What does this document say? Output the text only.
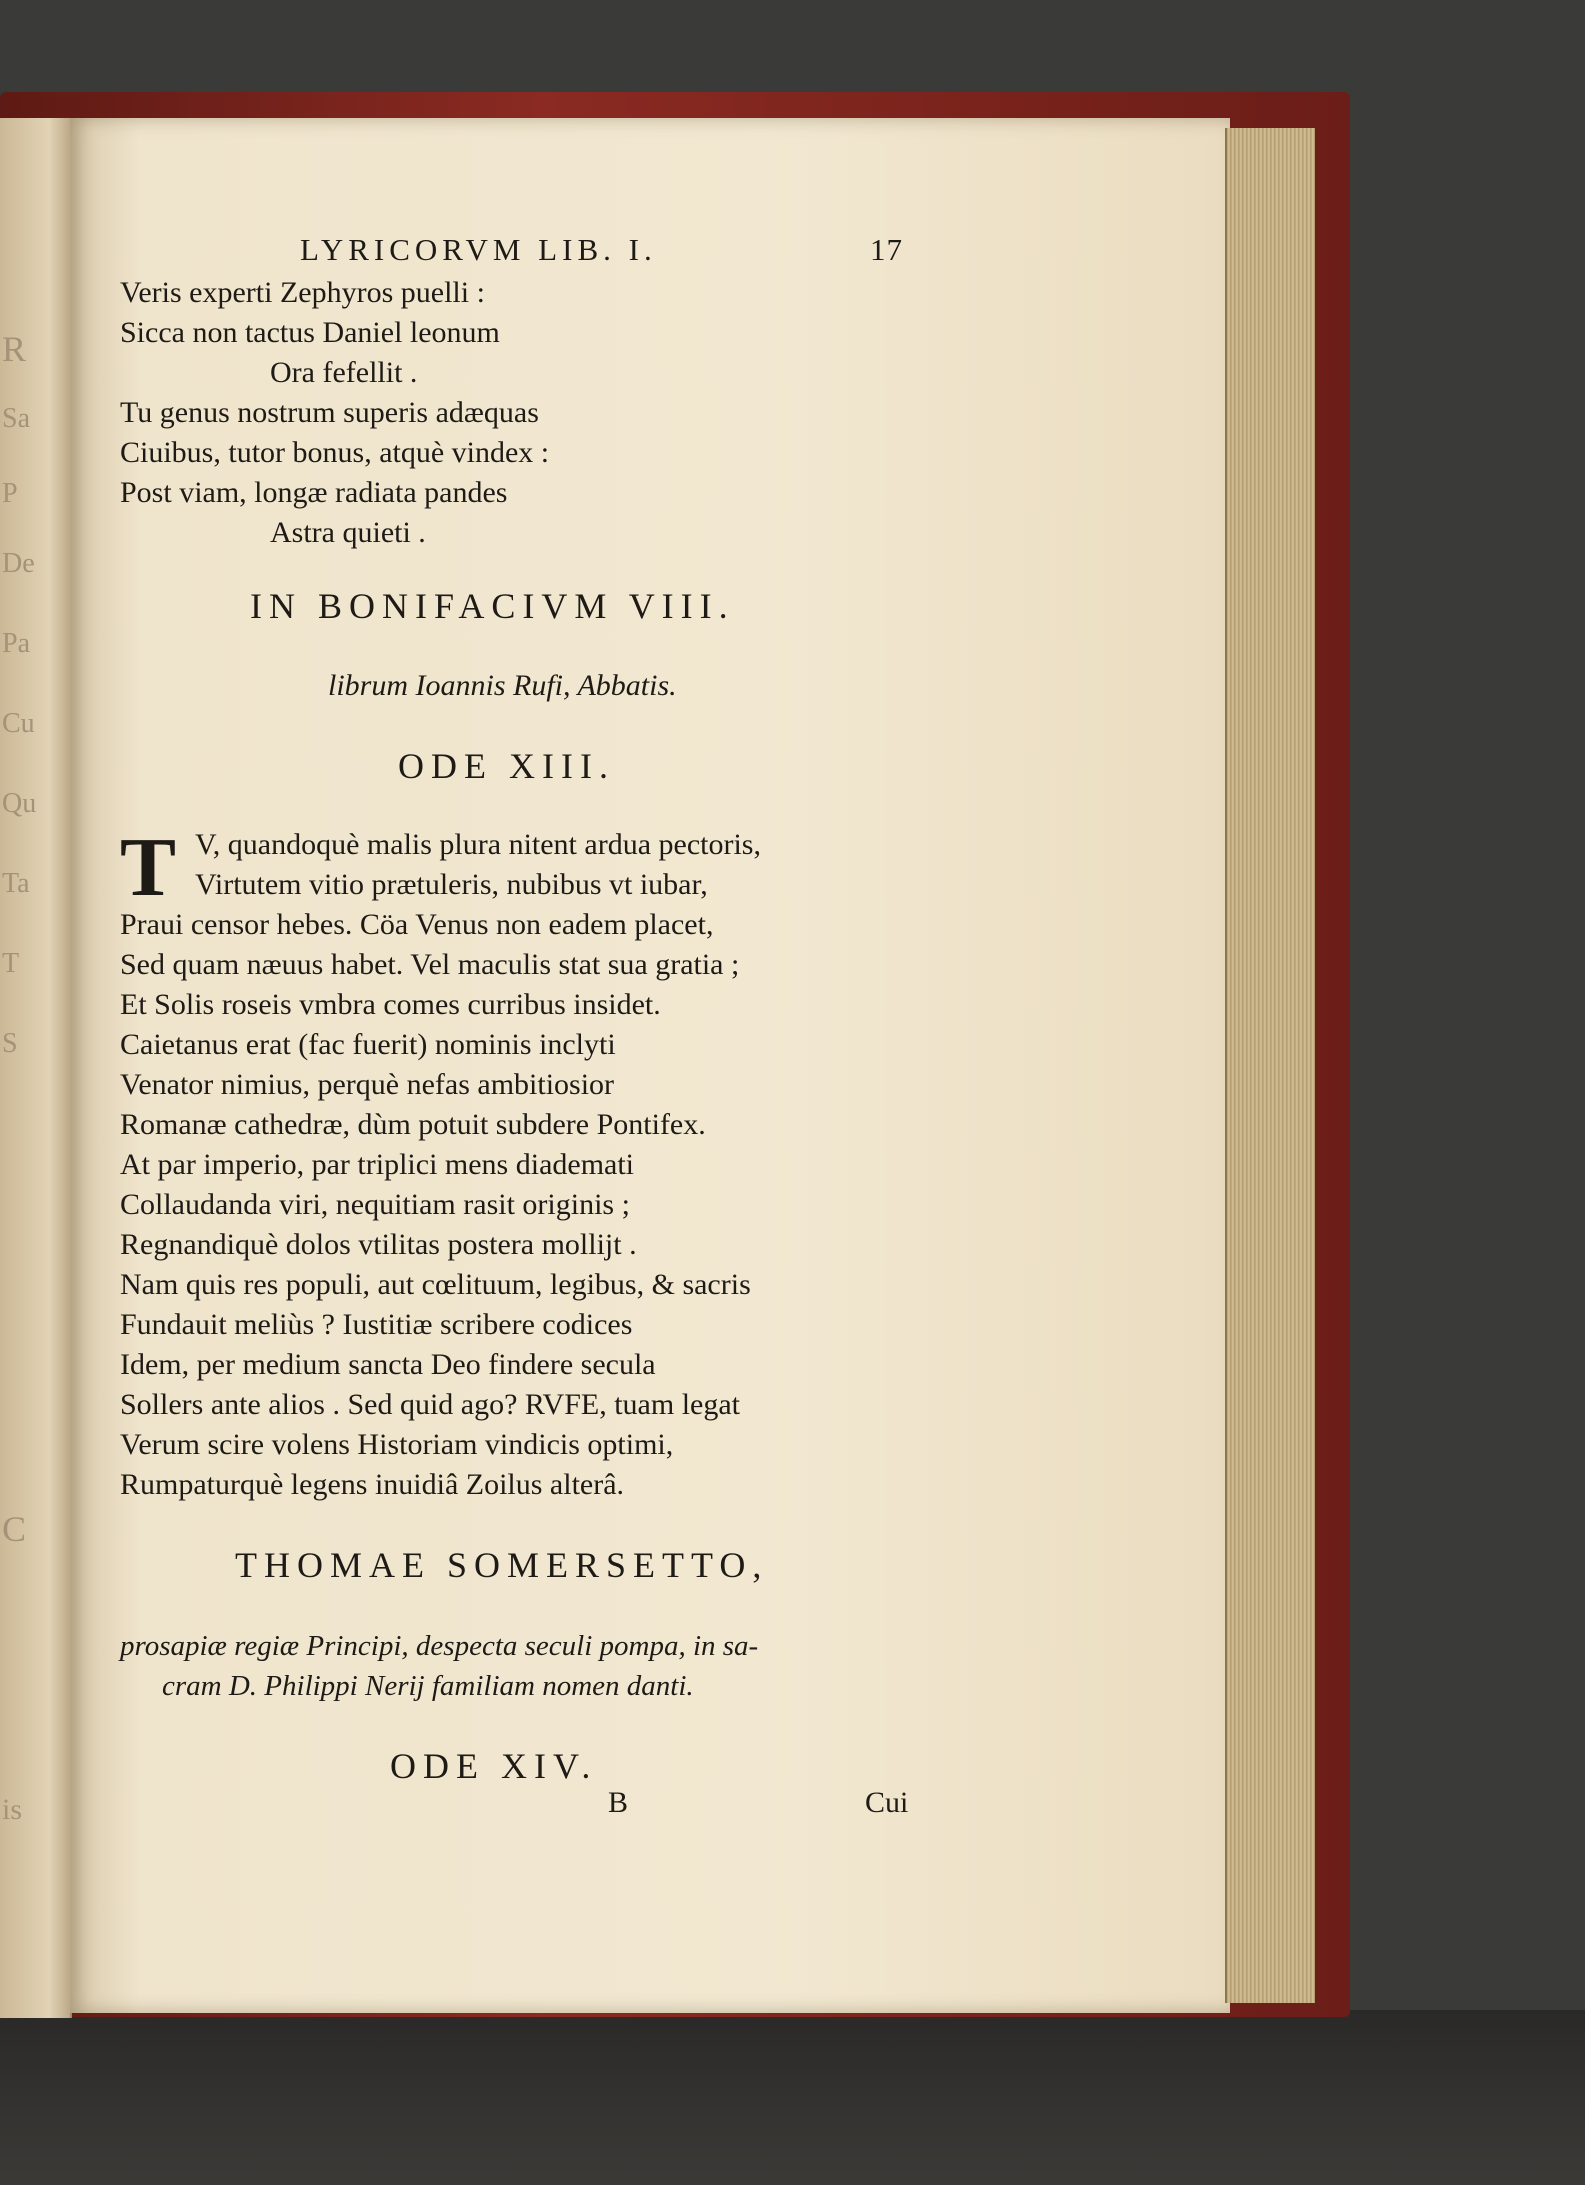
R
Sa
P
De
Pa
Cu
Qu
Ta
T
S
C
is
LYRICORVM LIB. I.	17
Veris experti Zephyros puelli :
Sicca non tactus Daniel leonum
Ora fefellit .
Tu genus nostrum superis adæquas
Ciuibus, tutor bonus, atquè vindex :
Post viam, longæ radiata pandes
Astra quieti .
IN BONIFACIVM VIII.
librum Ioannis Rufi, Abbatis.
ODE XIII.
T V, quandoquè malis plura nitent ardua pectoris,
Virtutem vitio prætuleris, nubibus vt iubar,
Praui censor hebes. Cöa Venus non eadem placet,
Sed quam næuus habet. Vel maculis stat sua gratia ;
Et Solis roseis vmbra comes curribus insidet.
Caietanus erat (fac fuerit) nominis inclyti
Venator nimius, perquè nefas ambitiosior
Romanæ cathedræ, dùm potuit subdere Pontifex.
At par imperio, par triplici mens diademati
Collaudanda viri, nequitiam rasit originis ;
Regnandiquè dolos vtilitas postera mollijt .
Nam quis res populi, aut cœlituum, legibus, & sacris
Fundauit meliùs ? Iustitiæ scribere codices
Idem, per medium sancta Deo findere secula
Sollers ante alios . Sed quid ago? RVFE, tuam legat
Verum scire volens Historiam vindicis optimi,
Rumpaturquè legens inuidiâ Zoilus alterâ.
THOMAE SOMERSETTO,
prosapiæ regiæ Principi, despecta seculi pompa, in sa-
cram D. Philippi Nerij familiam nomen danti.
ODE XIV.
B	Cui
